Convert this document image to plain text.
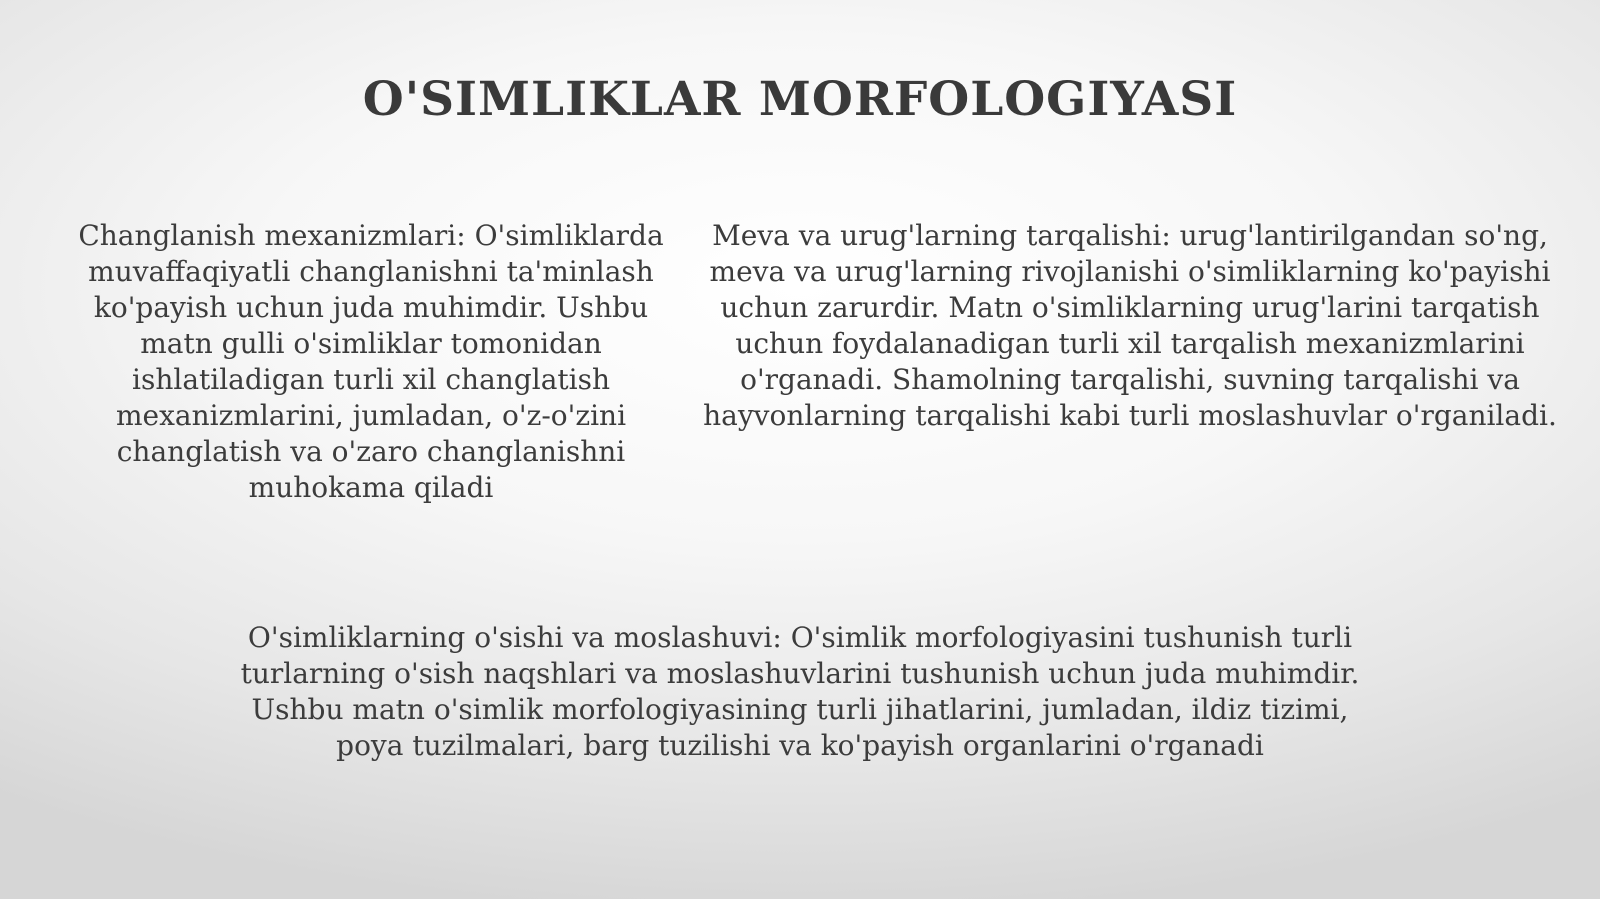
O'SIMLIKLAR MORFOLOGIYASI

Changlanish mexanizmlari: O'simliklarda muvaffaqiyatli changlanishni ta'minlash ko'payish uchun juda muhimdir. Ushbu matn gulli o'simliklar tomonidan ishlatiladigan turli xil changlatish mexanizmlarini, jumladan, o'z-o'zini changlatish va o'zaro changlanishni muhokama qiladi

Meva va urug'larning tarqalishi: urug'lantirilgandan so'ng, meva va urug'larning rivojlanishi o'simliklarning ko'payishi uchun zarurdir. Matn o'simliklarning urug'larini tarqatish uchun foydalanadigan turli xil tarqalish mexanizmlarini o'rganadi. Shamolning tarqalishi, suvning tarqalishi va hayvonlarning tarqalishi kabi turli moslashuvlar o'rganiladi.

O'simliklarning o'sishi va moslashuvi: O'simlik morfologiyasini tushunish turli turlarning o'sish naqshlari va moslashuvlarini tushunish uchun juda muhimdir. Ushbu matn o'simlik morfologiyasining turli jihatlarini, jumladan, ildiz tizimi, poya tuzilmalari, barg tuzilishi va ko'payish organlarini o'rganadi
